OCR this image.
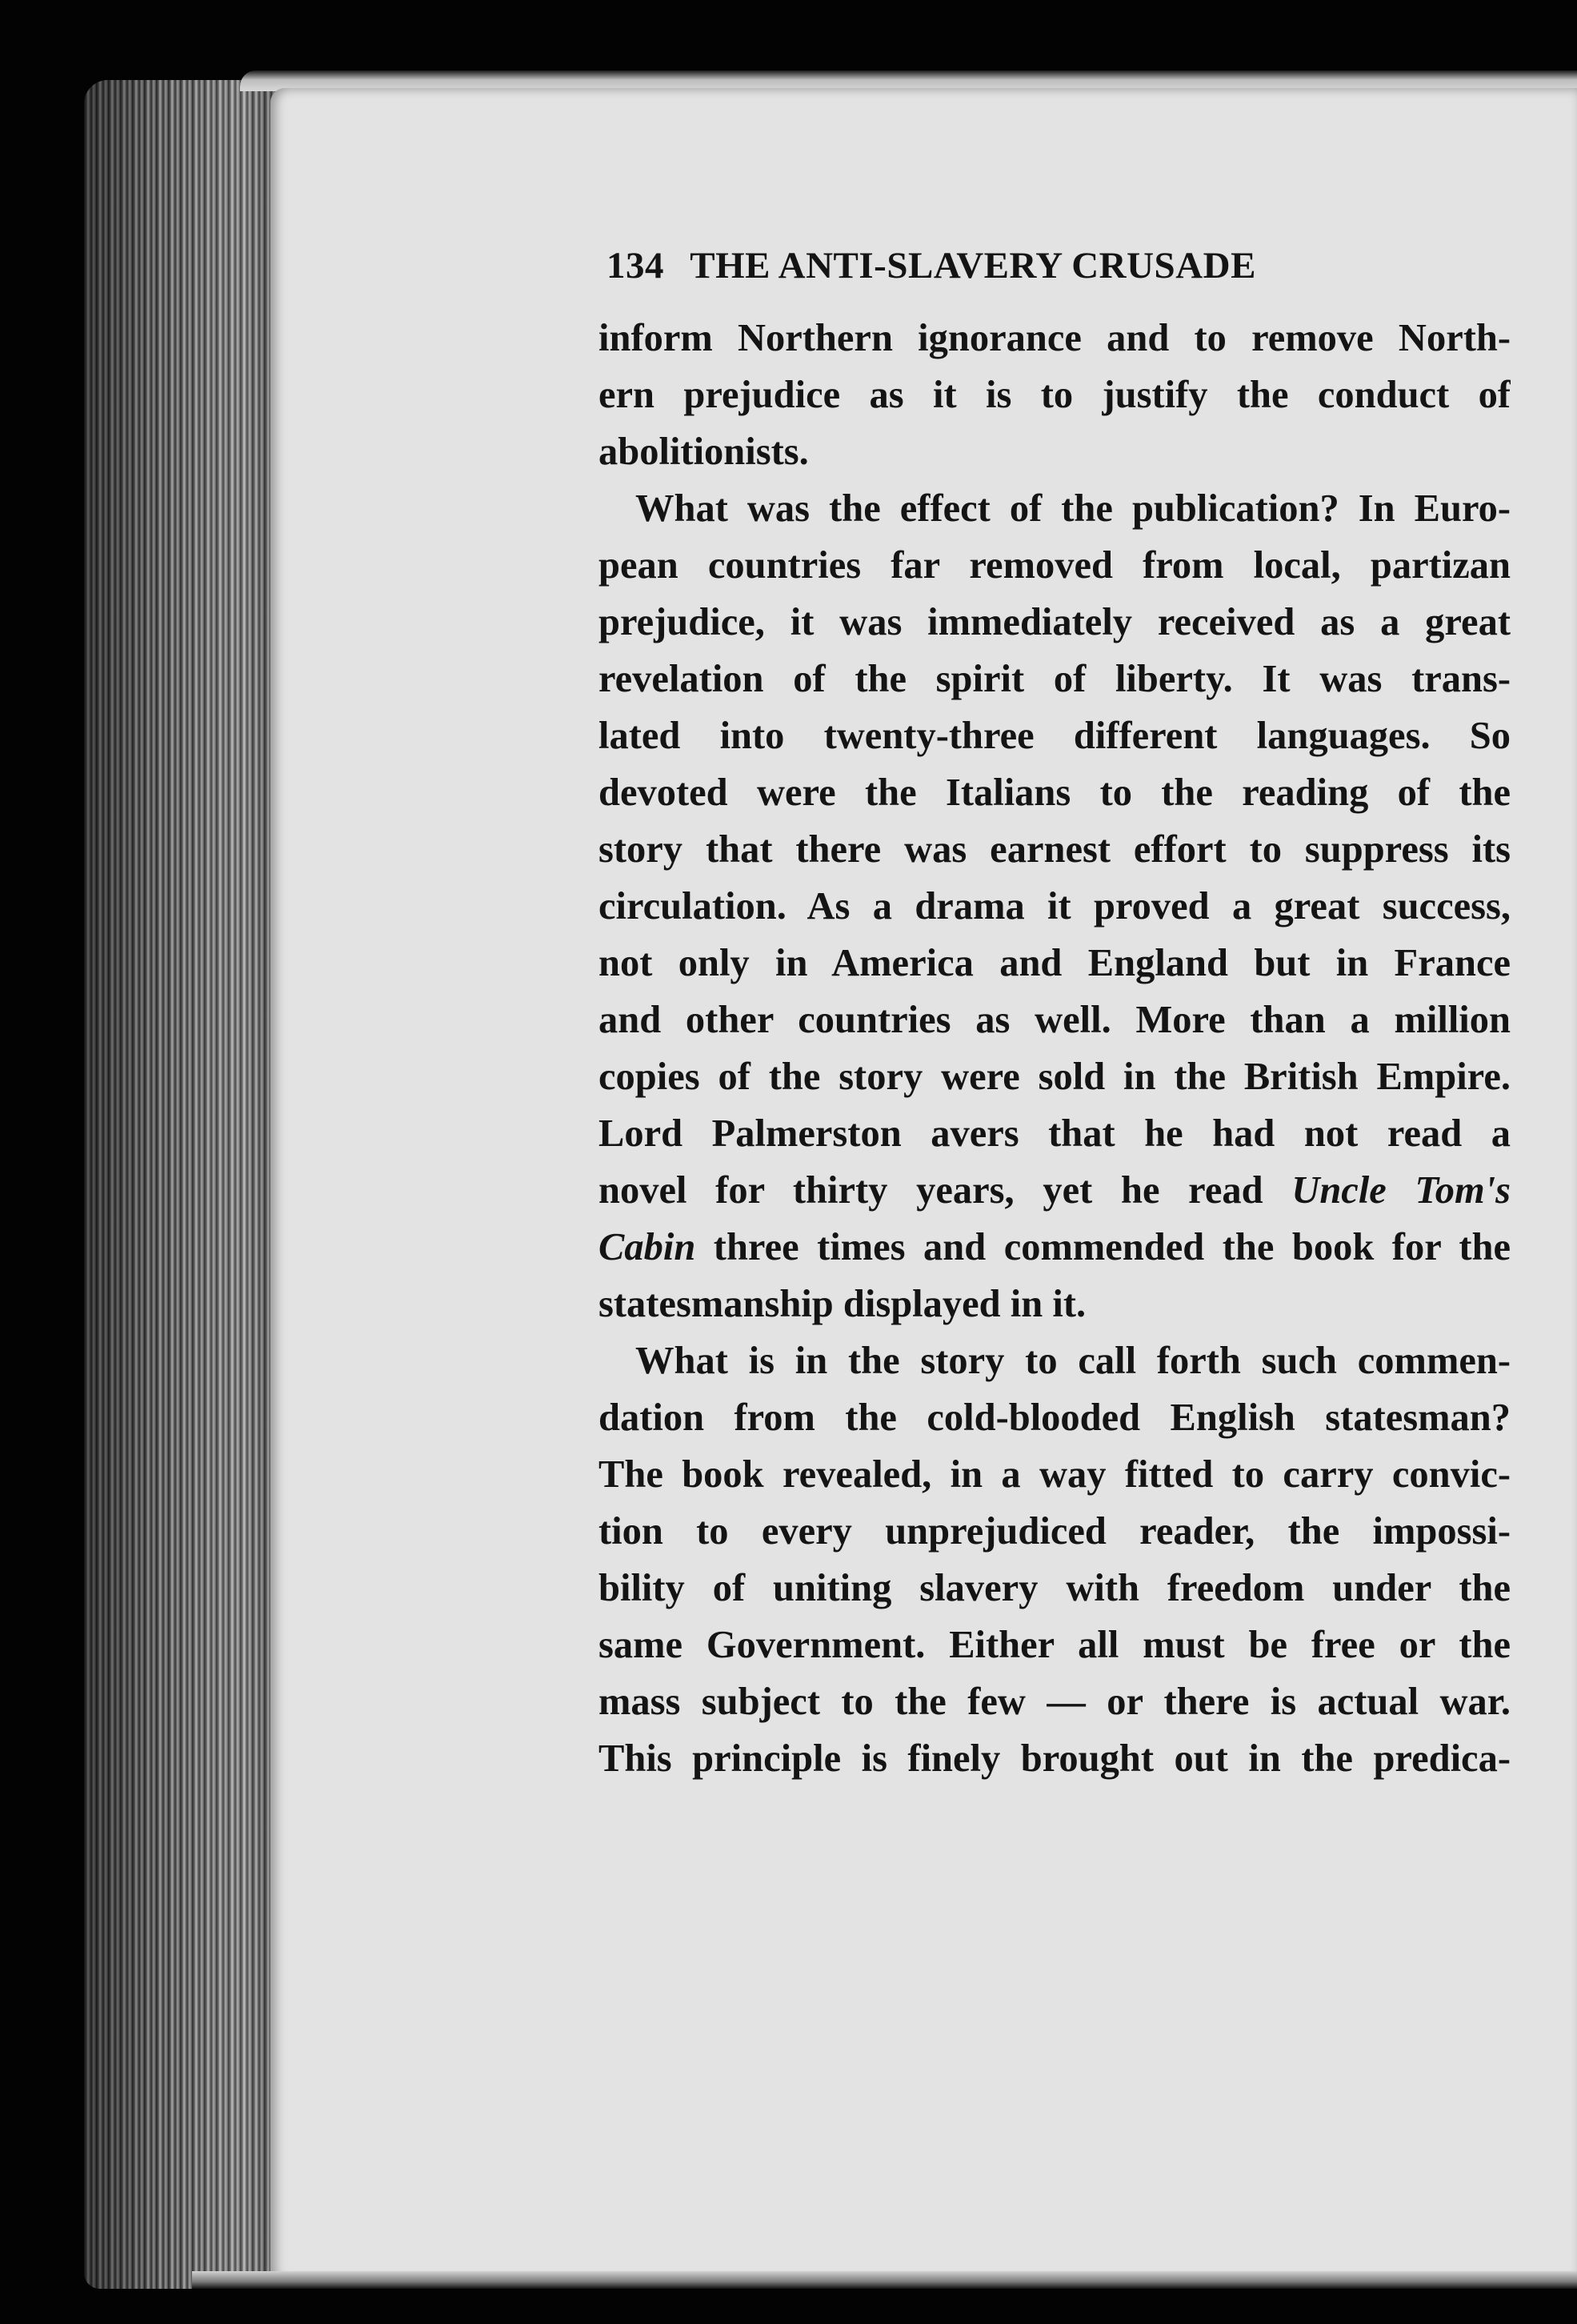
134 THE ANTI-SLAVERY CRUSADE
inform Northern ignorance and to remove North-
ern prejudice as it is to justify the conduct of
abolitionists.
What was the effect of the publication? In Euro-
pean countries far removed from local, partizan
prejudice, it was immediately received as a great
revelation of the spirit of liberty. It was trans-
lated into twenty-three different languages. So
devoted were the Italians to the reading of the
story that there was earnest effort to suppress its
circulation. As a drama it proved a great success,
not only in America and England but in France
and other countries as well. More than a million
copies of the story were sold in the British Empire.
Lord Palmerston avers that he had not read a
novel for thirty years, yet he read Uncle Tom's
Cabin three times and commended the book for the
statesmanship displayed in it.
What is in the story to call forth such commen-
dation from the cold-blooded English statesman?
The book revealed, in a way fitted to carry convic-
tion to every unprejudiced reader, the impossi-
bility of uniting slavery with freedom under the
same Government. Either all must be free or the
mass subject to the few — or there is actual war.
This principle is finely brought out in the predica-
